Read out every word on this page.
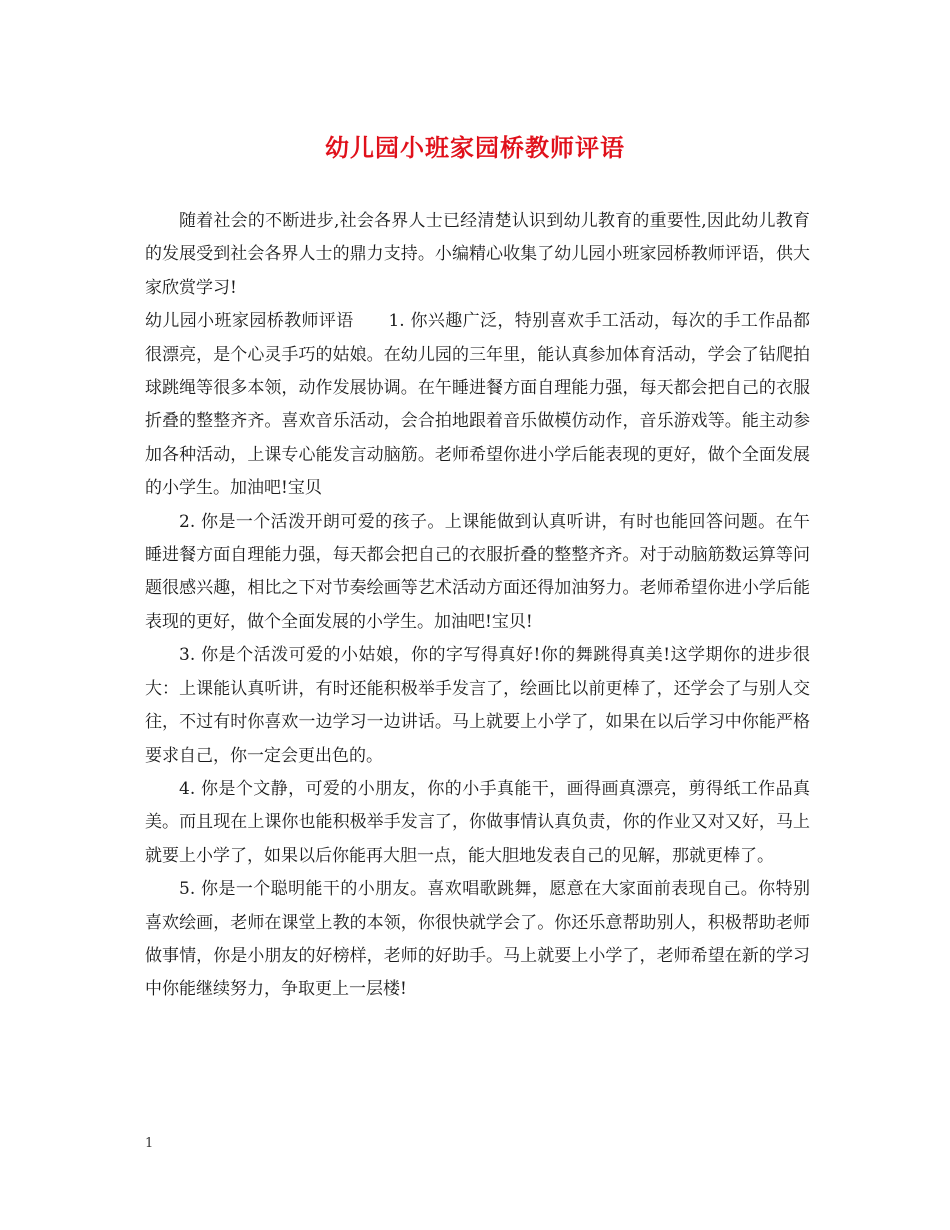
幼儿园小班家园桥教师评语

随着社会的不断进步,社会各界人士已经清楚认识到幼儿教育的重要性,因此幼儿教育的发展受到社会各界人士的鼎力支持。小编精心收集了幼儿园小班家园桥教师评语，供大家欣赏学习!

幼儿园小班家园桥教师评语　　1. 你兴趣广泛，特别喜欢手工活动，每次的手工作品都很漂亮，是个心灵手巧的姑娘。在幼儿园的三年里，能认真参加体育活动，学会了钻爬拍球跳绳等很多本领，动作发展协调。在午睡进餐方面自理能力强，每天都会把自己的衣服折叠的整整齐齐。喜欢音乐活动，会合拍地跟着音乐做模仿动作，音乐游戏等。能主动参加各种活动，上课专心能发言动脑筋。老师希望你进小学后能表现的更好，做个全面发展的小学生。加油吧!宝贝

2. 你是一个活泼开朗可爱的孩子。上课能做到认真听讲，有时也能回答问题。在午睡进餐方面自理能力强，每天都会把自己的衣服折叠的整整齐齐。对于动脑筋数运算等问题很感兴趣，相比之下对节奏绘画等艺术活动方面还得加油努力。老师希望你进小学后能表现的更好，做个全面发展的小学生。加油吧!宝贝!

3. 你是个活泼可爱的小姑娘，你的字写得真好!你的舞跳得真美!这学期你的进步很大：上课能认真听讲，有时还能积极举手发言了，绘画比以前更棒了，还学会了与别人交往，不过有时你喜欢一边学习一边讲话。马上就要上小学了，如果在以后学习中你能严格要求自己，你一定会更出色的。

4. 你是个文静，可爱的小朋友，你的小手真能干，画得画真漂亮，剪得纸工作品真美。而且现在上课你也能积极举手发言了，你做事情认真负责，你的作业又对又好，马上就要上小学了，如果以后你能再大胆一点，能大胆地发表自己的见解，那就更棒了。

5. 你是一个聪明能干的小朋友。喜欢唱歌跳舞，愿意在大家面前表现自己。你特别喜欢绘画，老师在课堂上教的本领，你很快就学会了。你还乐意帮助别人，积极帮助老师做事情，你是小朋友的好榜样，老师的好助手。马上就要上小学了，老师希望在新的学习中你能继续努力，争取更上一层楼!

1
